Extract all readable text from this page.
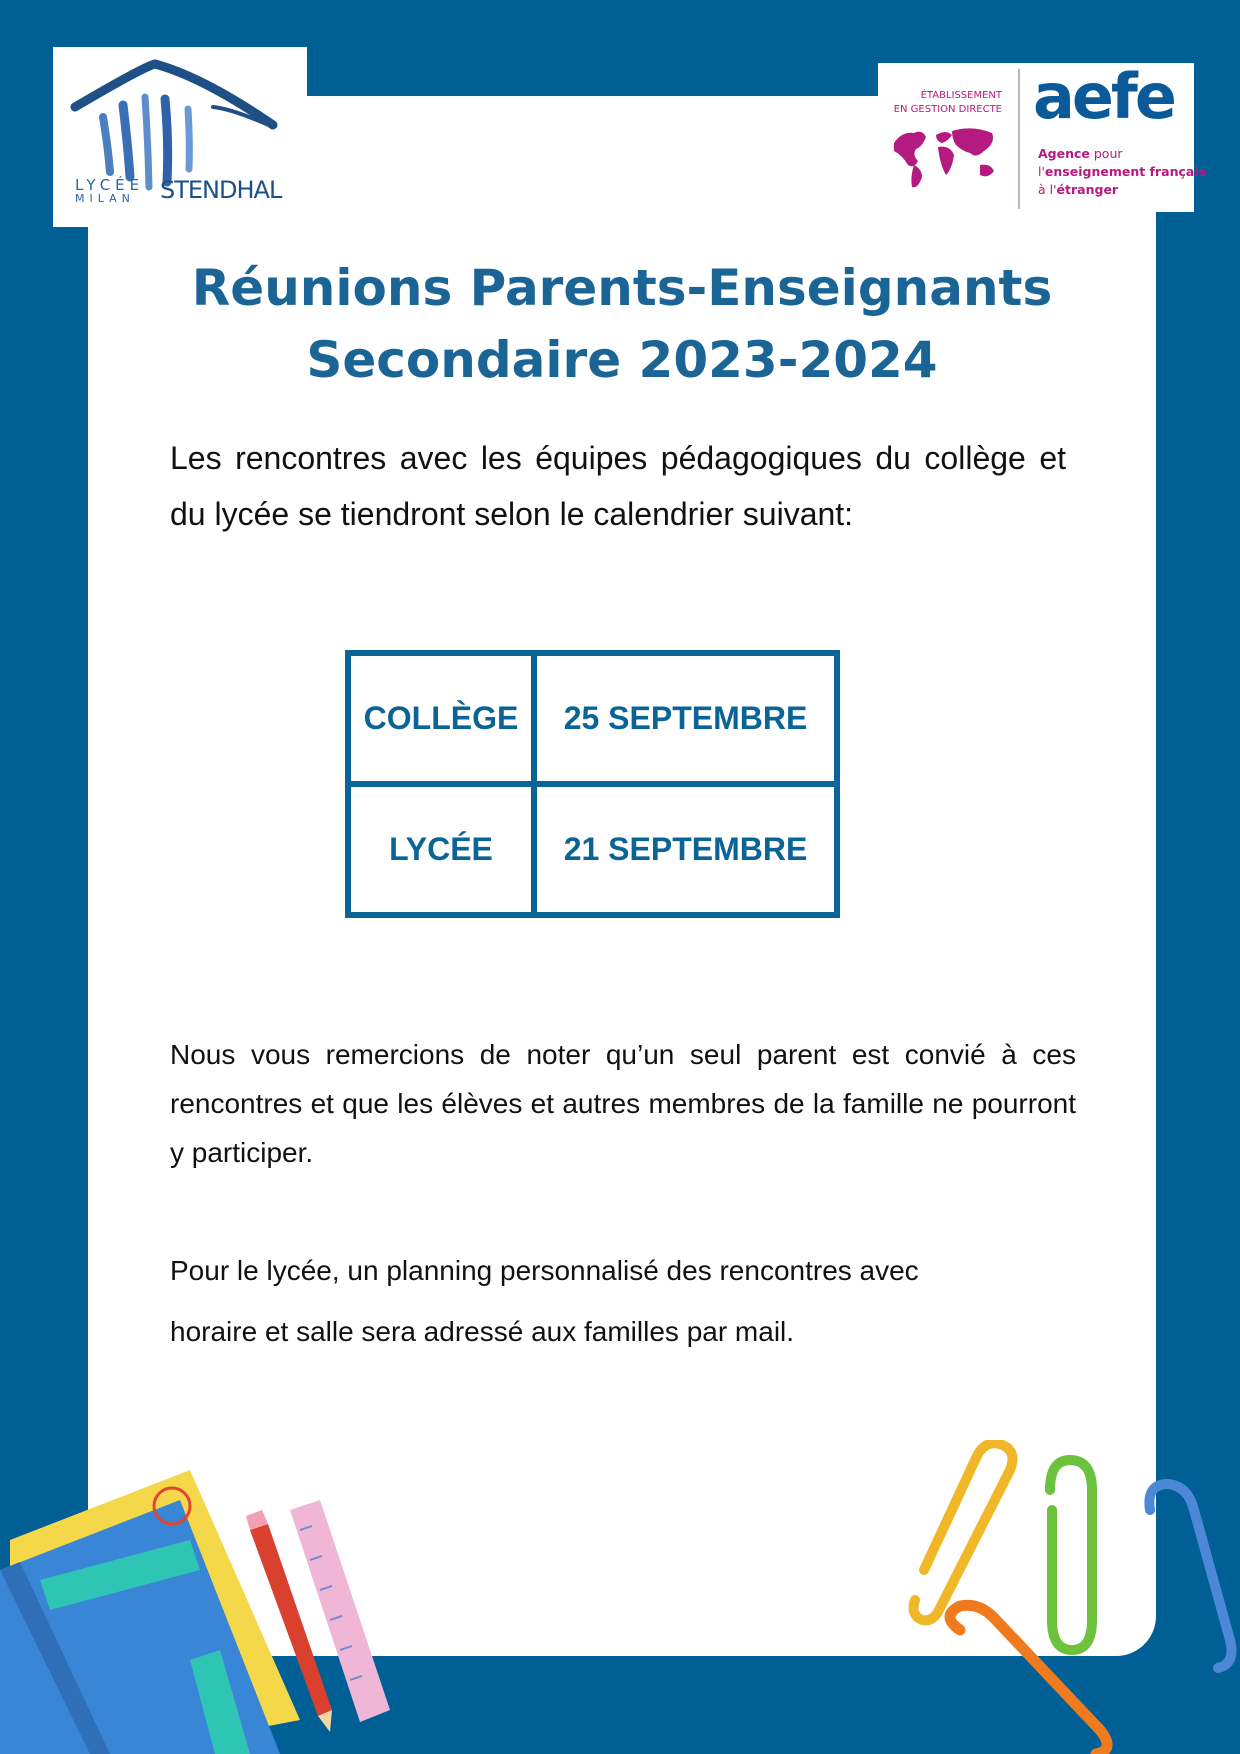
LYCÉE
MILAN	STENDHAL
ÉTABLISSEMENT
EN GESTION DIRECTE aefe
Agence pour
l'enseignement français
à l'étranger
Réunions Parents-Enseignants
Secondaire 2023-2024
Les rencontres avec les équipes pédagogiques du collège et du lycée se tiendront selon le calendrier suivant:
COLLÈGE	25 SEPTEMBRE
LYCÉE	21 SEPTEMBRE
Nous vous remercions de noter qu’un seul parent est convié à ces rencontres et que les élèves et autres membres de la famille ne pourront y participer.
Pour le lycée, un planning personnalisé des rencontres avec horaire et salle sera adressé aux familles par mail.
